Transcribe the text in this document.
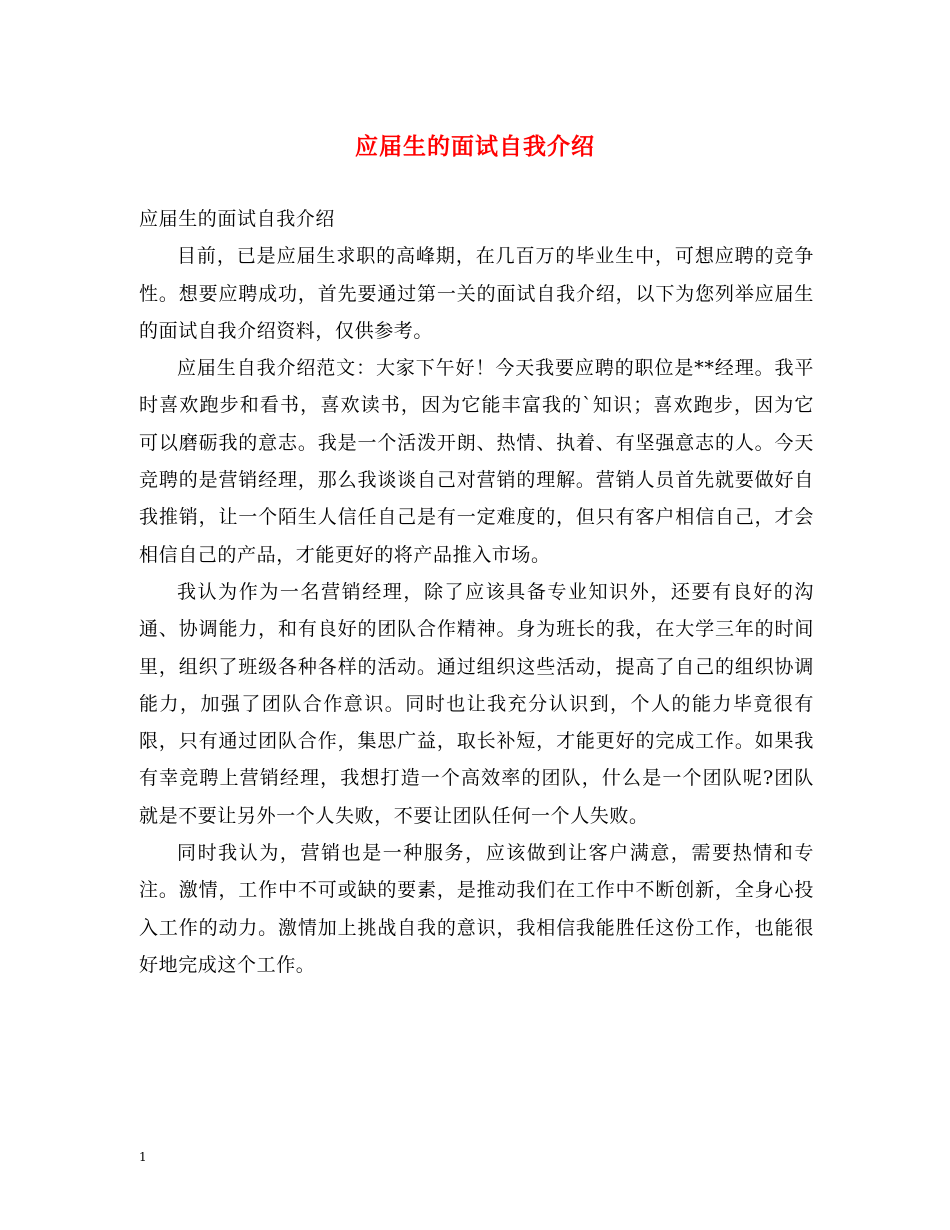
应届生的面试自我介绍

应届生的面试自我介绍

目前，已是应届生求职的高峰期，在几百万的毕业生中，可想应聘的竞争性。想要应聘成功，首先要通过第一关的面试自我介绍，以下为您列举应届生的面试自我介绍资料，仅供参考。

应届生自我介绍范文：大家下午好！今天我要应聘的职位是**经理。我平时喜欢跑步和看书，喜欢读书，因为它能丰富我的`知识；喜欢跑步，因为它可以磨砺我的意志。我是一个活泼开朗、热情、执着、有坚强意志的人。今天竞聘的是营销经理，那么我谈谈自己对营销的理解。营销人员首先就要做好自我推销，让一个陌生人信任自己是有一定难度的，但只有客户相信自己，才会相信自己的产品，才能更好的将产品推入市场。

我认为作为一名营销经理，除了应该具备专业知识外，还要有良好的沟通、协调能力，和有良好的团队合作精神。身为班长的我，在大学三年的时间里，组织了班级各种各样的活动。通过组织这些活动，提高了自己的组织协调能力，加强了团队合作意识。同时也让我充分认识到，个人的能力毕竟很有限，只有通过团队合作，集思广益，取长补短，才能更好的完成工作。如果我有幸竞聘上营销经理，我想打造一个高效率的团队，什么是一个团队呢?团队就是不要让另外一个人失败，不要让团队任何一个人失败。

同时我认为，营销也是一种服务，应该做到让客户满意，需要热情和专注。激情，工作中不可或缺的要素，是推动我们在工作中不断创新，全身心投入工作的动力。激情加上挑战自我的意识，我相信我能胜任这份工作，也能很好地完成这个工作。

1
